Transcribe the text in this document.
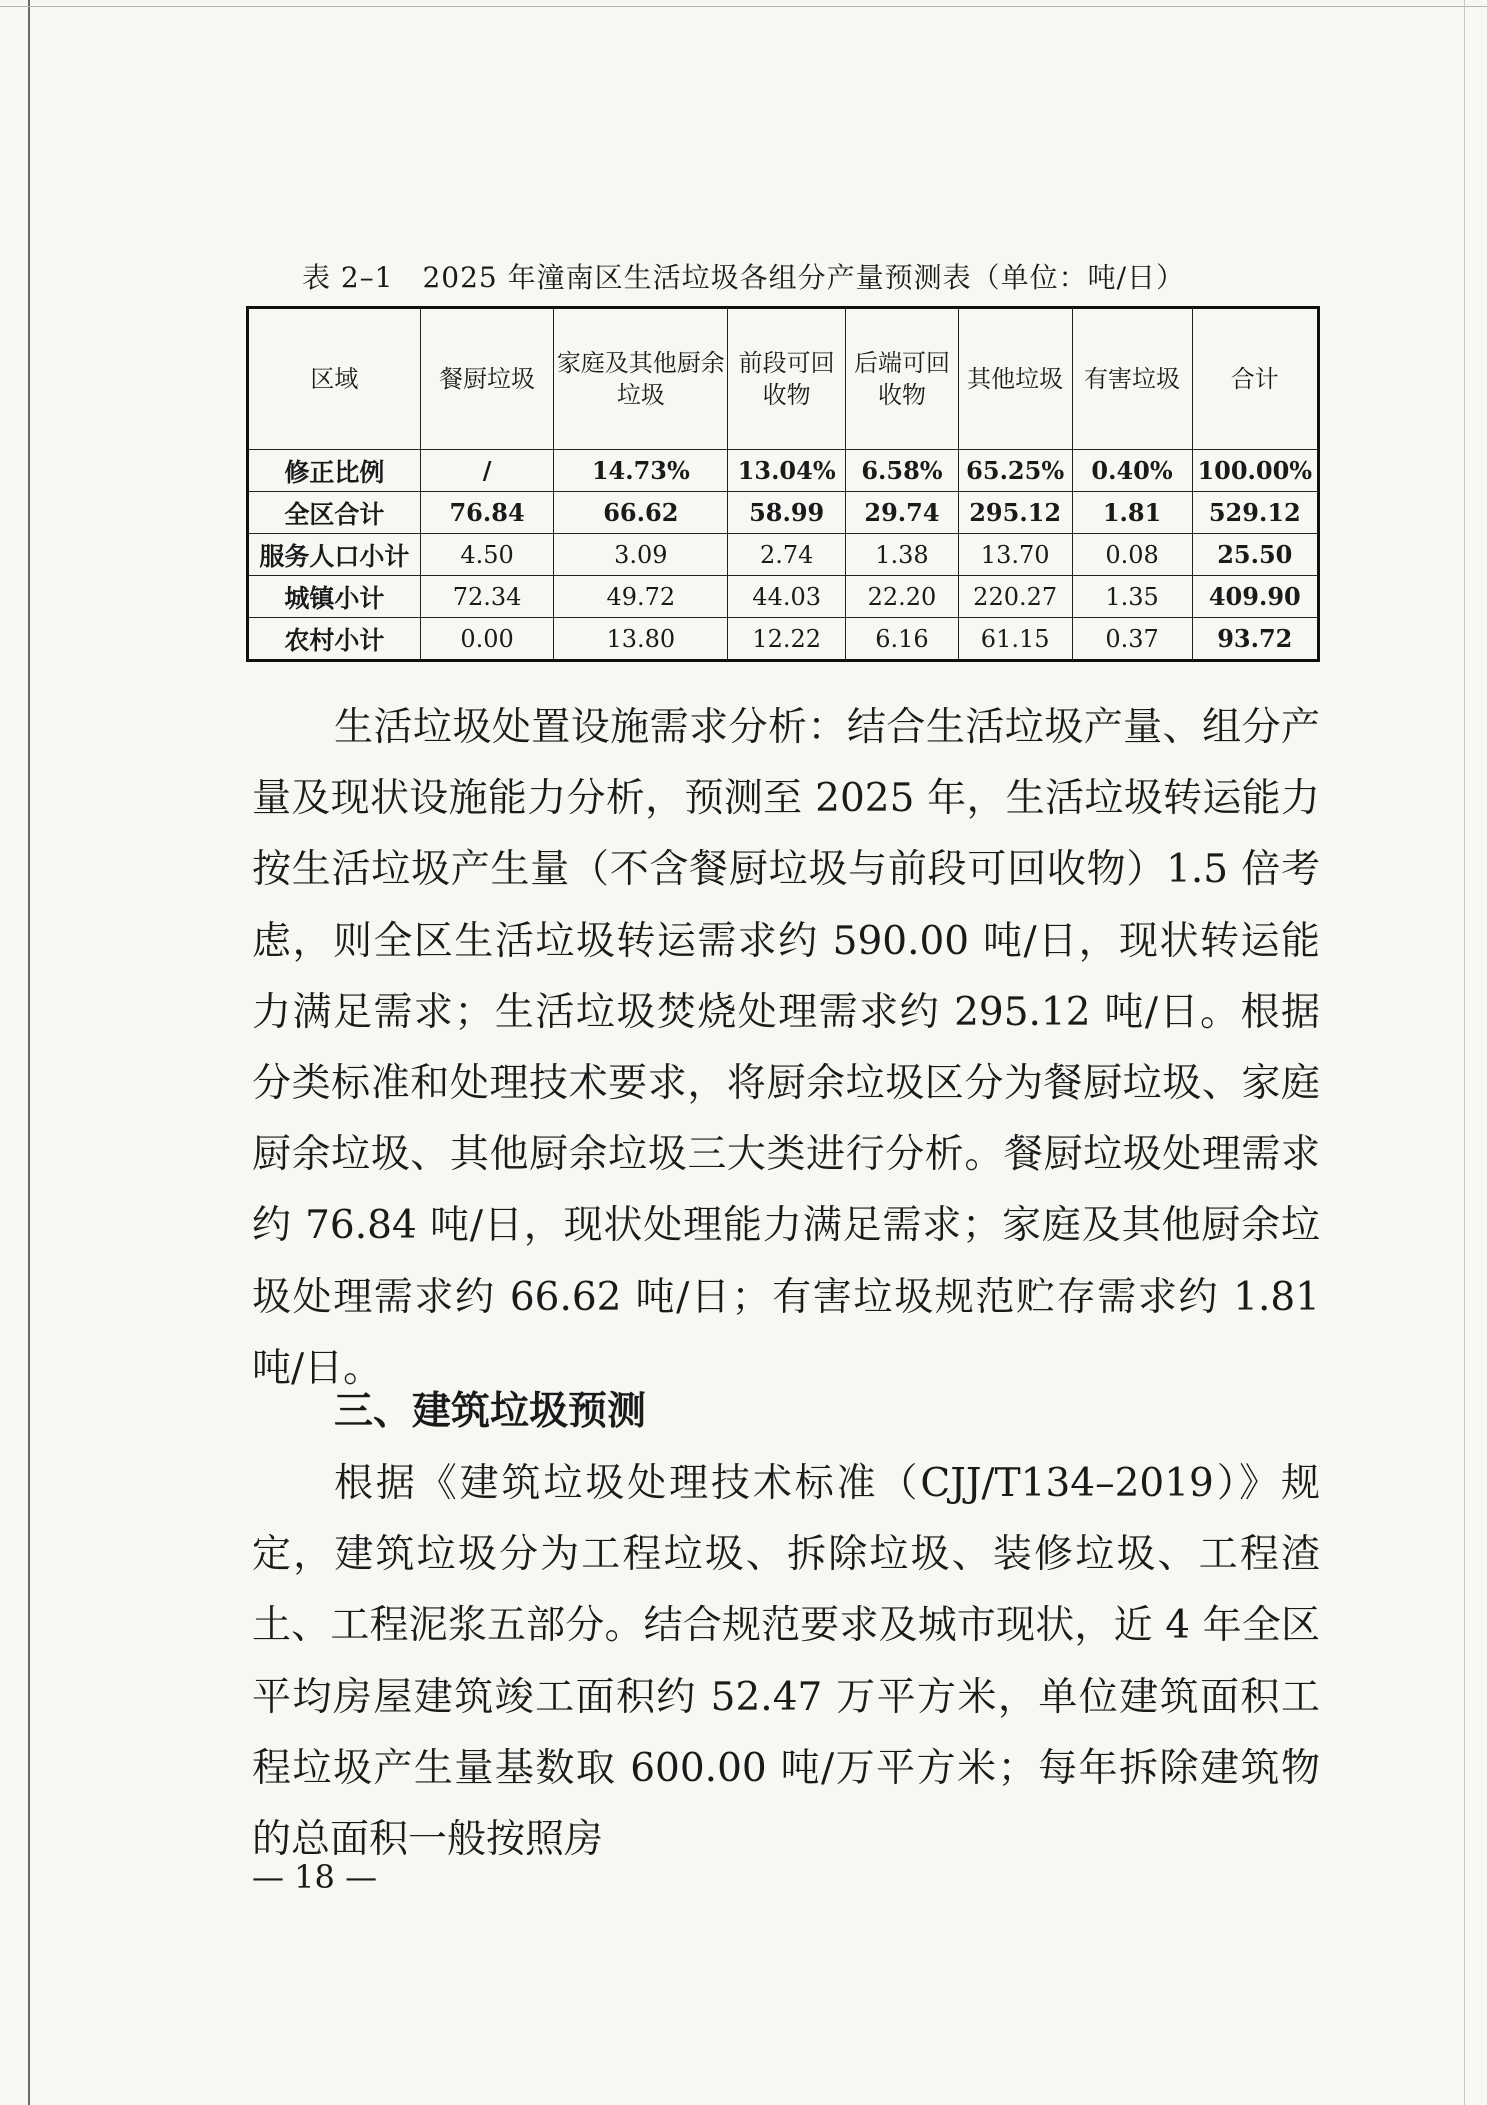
表 2–1　2025 年潼南区生活垃圾各组分产量预测表（单位：吨/日）
区域	餐厨垃圾	家庭及其他厨余垃圾	前段可回收物	后端可回收物	其他垃圾	有害垃圾	合计
修正比例	/	14.73%	13.04%	6.58%	65.25%	0.40%	100.00%
全区合计	76.84	66.62	58.99	29.74	295.12	1.81	529.12
服务人口小计	4.50	3.09	2.74	1.38	13.70	0.08	25.50
城镇小计	72.34	49.72	44.03	22.20	220.27	1.35	409.90
农村小计	0.00	13.80	12.22	6.16	61.15	0.37	93.72

生活垃圾处置设施需求分析：结合生活垃圾产量、组分产量及现状设施能力分析，预测至 2025 年，生活垃圾转运能力按生活垃圾产生量（不含餐厨垃圾与前段可回收物）1.5 倍考虑，则全区生活垃圾转运需求约 590.00 吨/日，现状转运能力满足需求；生活垃圾焚烧处理需求约 295.12 吨/日。根据分类标准和处理技术要求，将厨余垃圾区分为餐厨垃圾、家庭厨余垃圾、其他厨余垃圾三大类进行分析。餐厨垃圾处理需求约 76.84 吨/日，现状处理能力满足需求；家庭及其他厨余垃圾处理需求约 66.62 吨/日；有害垃圾规范贮存需求约 1.81 吨/日。

三、建筑垃圾预测

根据《建筑垃圾处理技术标准（CJJ/T134–2019）》规定，建筑垃圾分为工程垃圾、拆除垃圾、装修垃圾、工程渣土、工程泥浆五部分。结合规范要求及城市现状，近 4 年全区平均房屋建筑竣工面积约 52.47 万平方米，单位建筑面积工程垃圾产生量基数取 600.00 吨/万平方米；每年拆除建筑物的总面积一般按照房

— 18 —
